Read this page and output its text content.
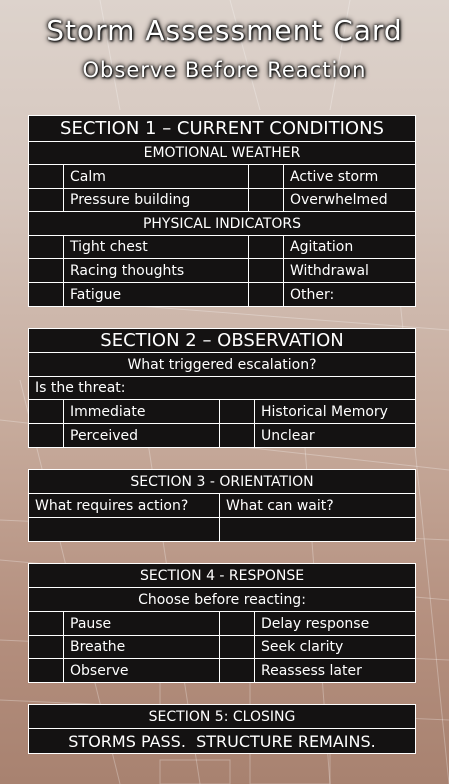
Storm Assessment Card
Observe Before Reaction
SECTION 1 – CURRENT CONDITIONS
EMOTIONAL WEATHER
Calm	Active storm
Pressure building	Overwhelmed
PHYSICAL INDICATORS
Tight chest	Agitation
Racing thoughts	Withdrawal
Fatigue	Other:
SECTION 2 – OBSERVATION
What triggered escalation?
Is the threat:
Immediate	Historical Memory
Perceived	Unclear
SECTION 3 - ORIENTATION
What requires action?	What can wait?
SECTION 4 - RESPONSE
Choose before reacting:
Pause	Delay response
Breathe	Seek clarity
Observe	Reassess later
SECTION 5: CLOSING
STORMS PASS.  STRUCTURE REMAINS.
